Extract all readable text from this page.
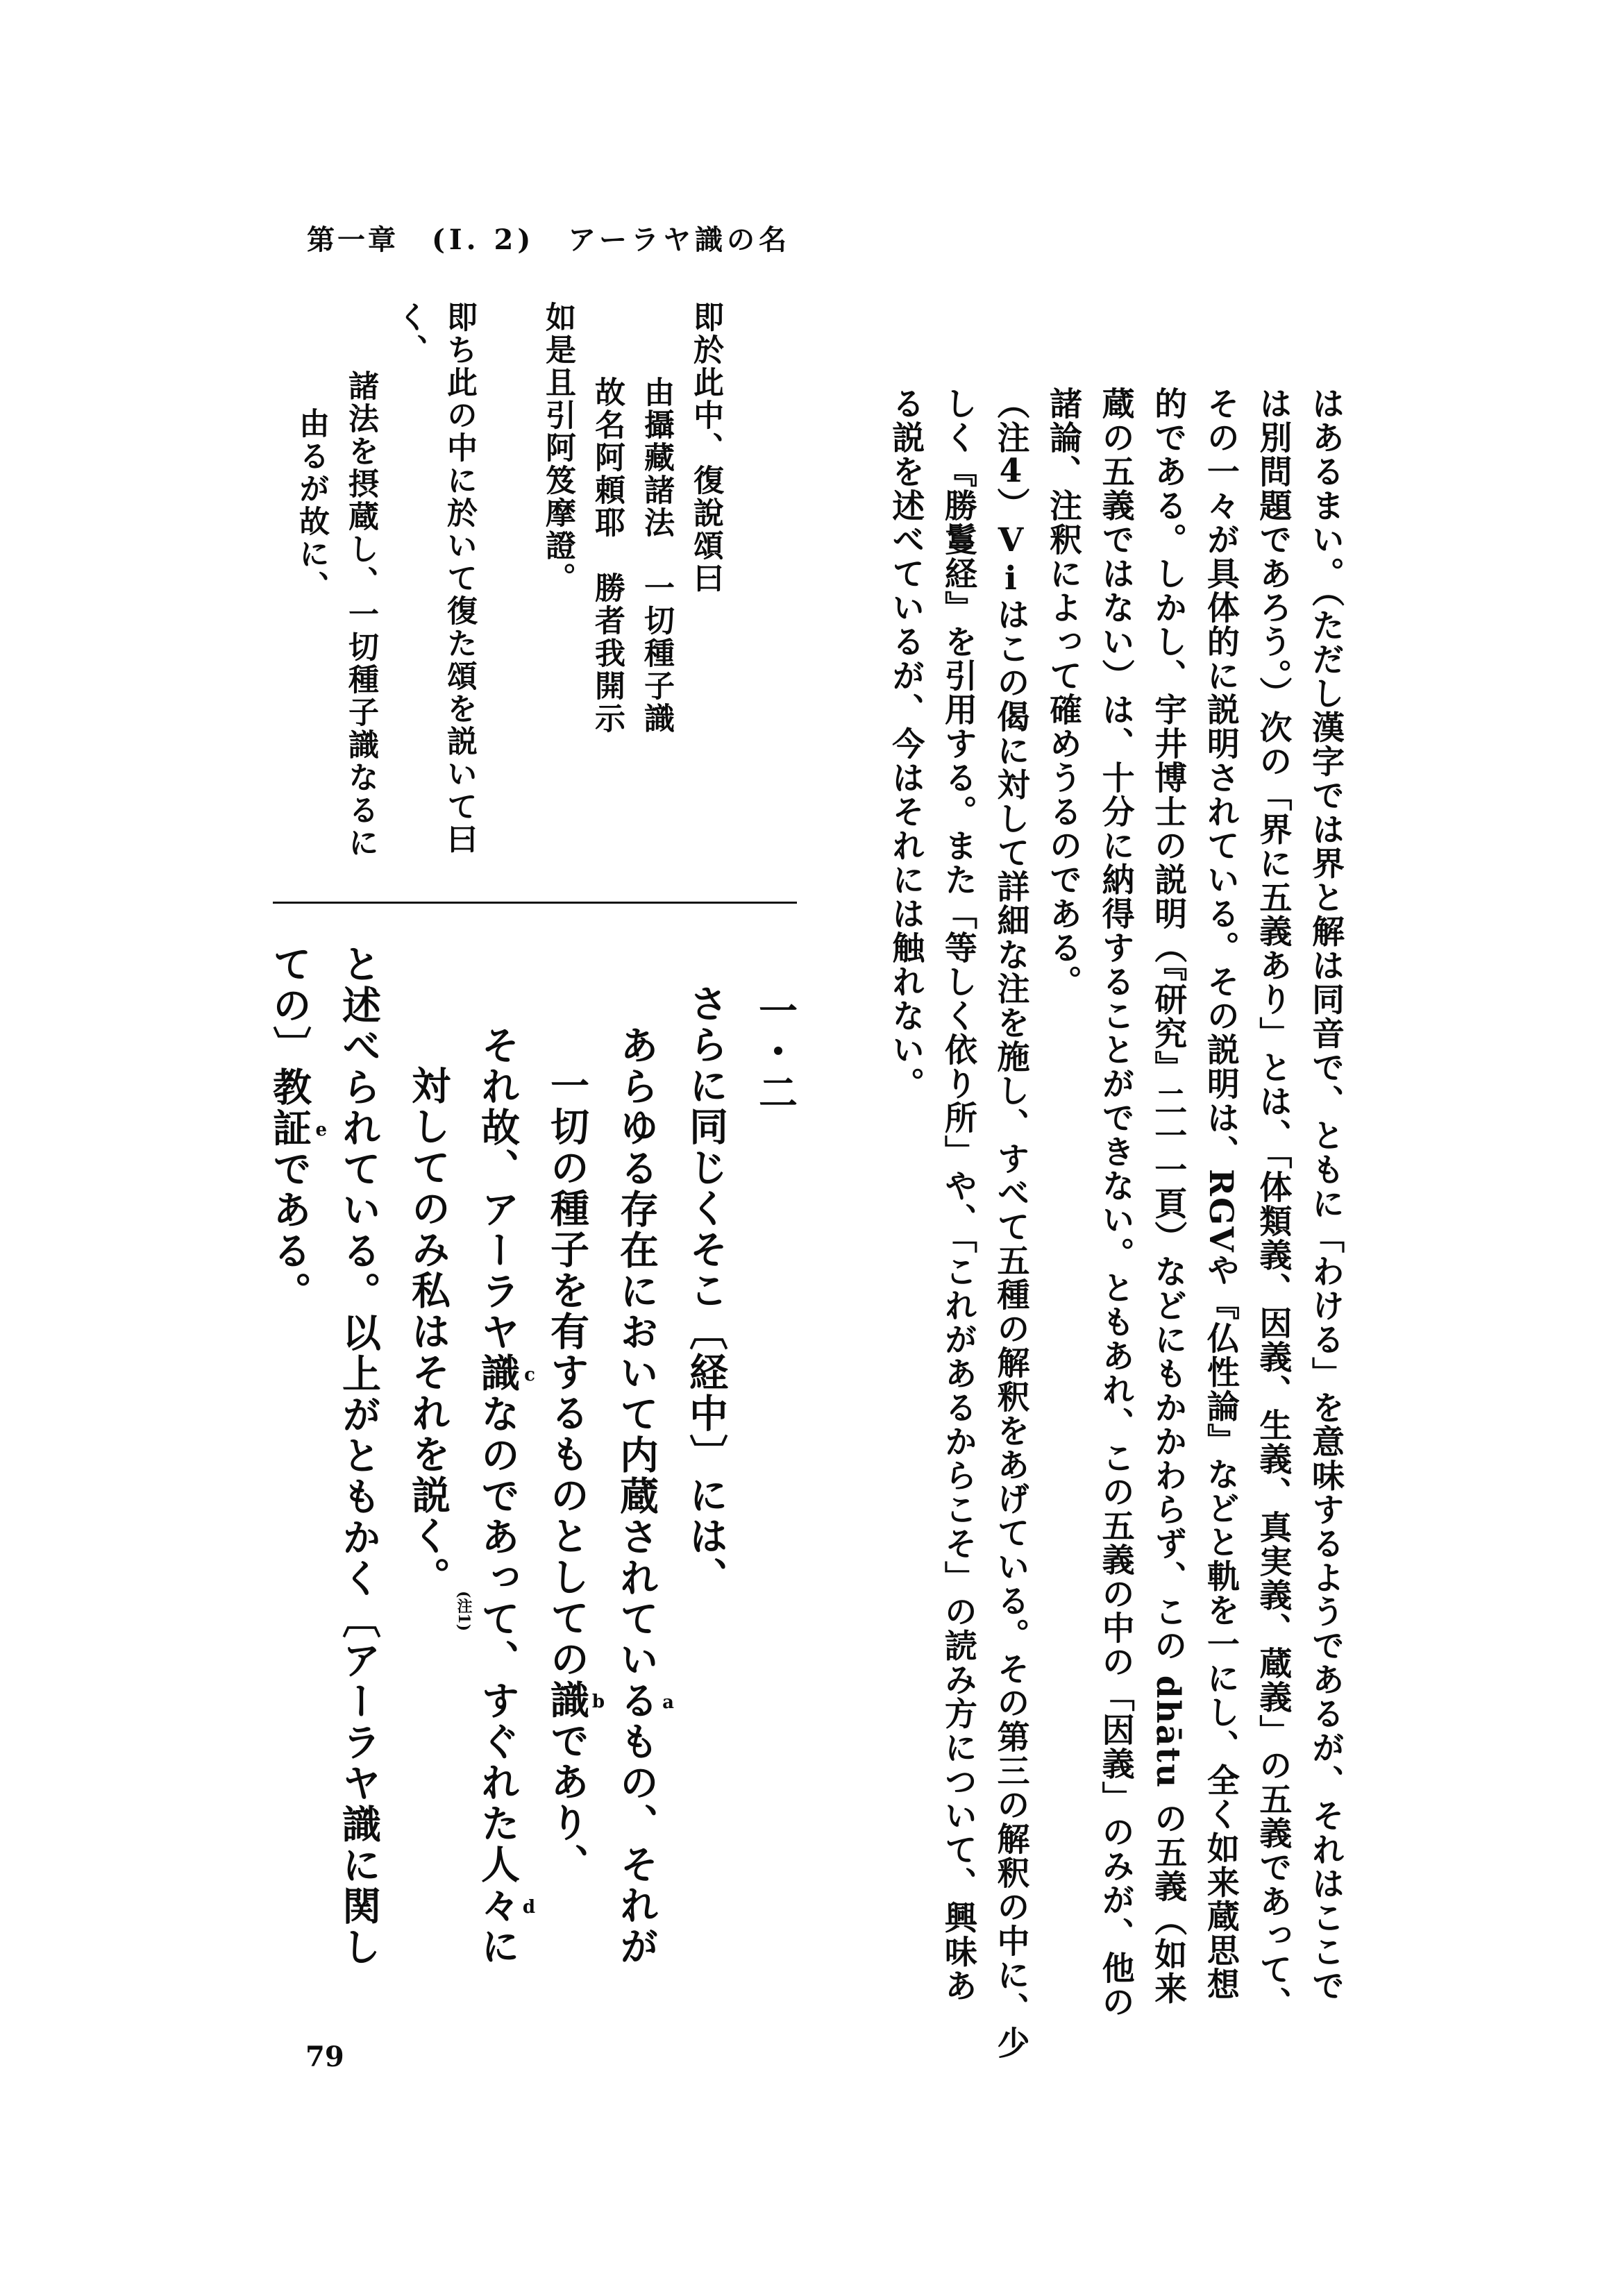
第一章 (I. 2) アーラヤ識の名
即於此中、復說頌曰
由攝藏諸法　一切種子識
故名阿頼耶　勝者我開示
如是且引阿笈摩證。
即ち此の中に於いて復た頌を説いて曰
く、
諸法を摂蔵し、一切種子識なるに
由るが故に、
一・二
さらに同じくそこ〔経中〕には、
あらゆる存在において内蔵されている a
もの、それが
一切の種子を有するものとしての識 b
であり、
それ故、アーラヤ識 c
なのであって、すぐれた人々 d
に
対してのみ私はそれを説く。
(注1)
と述べられている。以上がともかく〔アーラヤ識に関し
ての〕教証 e
である。	はあるまい。（ただし漢字では界と解は同音で、ともに「わける」を意味するようであるが、それはここで
は別問題であろう。）次の「界に五義あり」とは、「体類義、因義、生義、真実義、蔵義」の五義であって、
その一々が具体的に説明されている。その説明は、RGVや『仏性論』などと軌を一にし、全く如来蔵思想
的である。しかし、宇井博士の説明（『研究』二一一頁）などにもかかわらず、この dhātu の五義（如来
蔵の五義ではない）は、十分に納得することができない。ともあれ、この五義の中の「因義」のみが、他の
諸論、注釈によって確めうるのである。
（注4）Viはこの偈に対して詳細な注を施し、すべて五種の解釈をあげている。その第三の解釈の中に、少
しく『勝鬘経』を引用する。また「等しく依り所」や、「これがあるからこそ」の読み方について、興味あ
る説を述べているが、今はそれには触れない。
79
